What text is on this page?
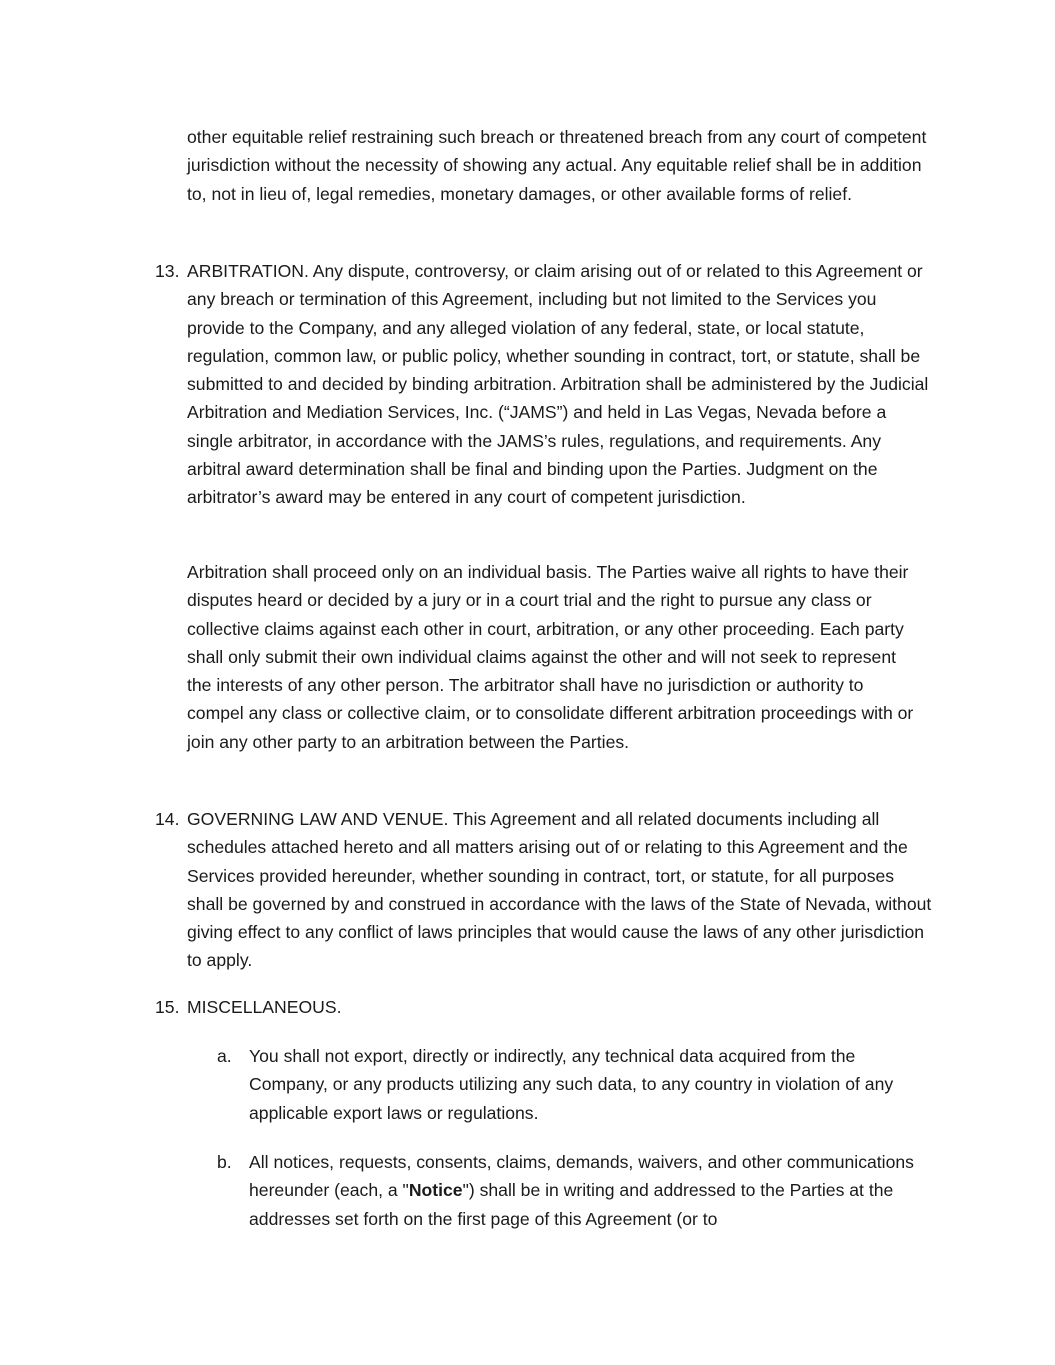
other equitable relief restraining such breach or threatened breach from any court of competent jurisdiction without the necessity of showing any actual. Any equitable relief shall be in addition to, not in lieu of, legal remedies, monetary damages, or other available forms of relief.

13. ARBITRATION. Any dispute, controversy, or claim arising out of or related to this Agreement or any breach or termination of this Agreement, including but not limited to the Services you provide to the Company, and any alleged violation of any federal, state, or local statute, regulation, common law, or public policy, whether sounding in contract, tort, or statute, shall be submitted to and decided by binding arbitration. Arbitration shall be administered by the Judicial Arbitration and Mediation Services, Inc. (“JAMS”) and held in Las Vegas, Nevada before a single arbitrator, in accordance with the JAMS’s rules, regulations, and requirements. Any arbitral award determination shall be final and binding upon the Parties. Judgment on the arbitrator’s award may be entered in any court of competent jurisdiction.

Arbitration shall proceed only on an individual basis. The Parties waive all rights to have their disputes heard or decided by a jury or in a court trial and the right to pursue any class or collective claims against each other in court, arbitration, or any other proceeding. Each party shall only submit their own individual claims against the other and will not seek to represent the interests of any other person. The arbitrator shall have no jurisdiction or authority to compel any class or collective claim, or to consolidate different arbitration proceedings with or join any other party to an arbitration between the Parties.

14. GOVERNING LAW AND VENUE. This Agreement and all related documents including all schedules attached hereto and all matters arising out of or relating to this Agreement and the Services provided hereunder, whether sounding in contract, tort, or statute, for all purposes shall be governed by and construed in accordance with the laws of the State of Nevada, without giving effect to any conflict of laws principles that would cause the laws of any other jurisdiction to apply.

15. MISCELLANEOUS.

a. You shall not export, directly or indirectly, any technical data acquired from the Company, or any products utilizing any such data, to any country in violation of any applicable export laws or regulations.

b. All notices, requests, consents, claims, demands, waivers, and other communications hereunder (each, a "Notice") shall be in writing and addressed to the Parties at the addresses set forth on the first page of this Agreement (or to
